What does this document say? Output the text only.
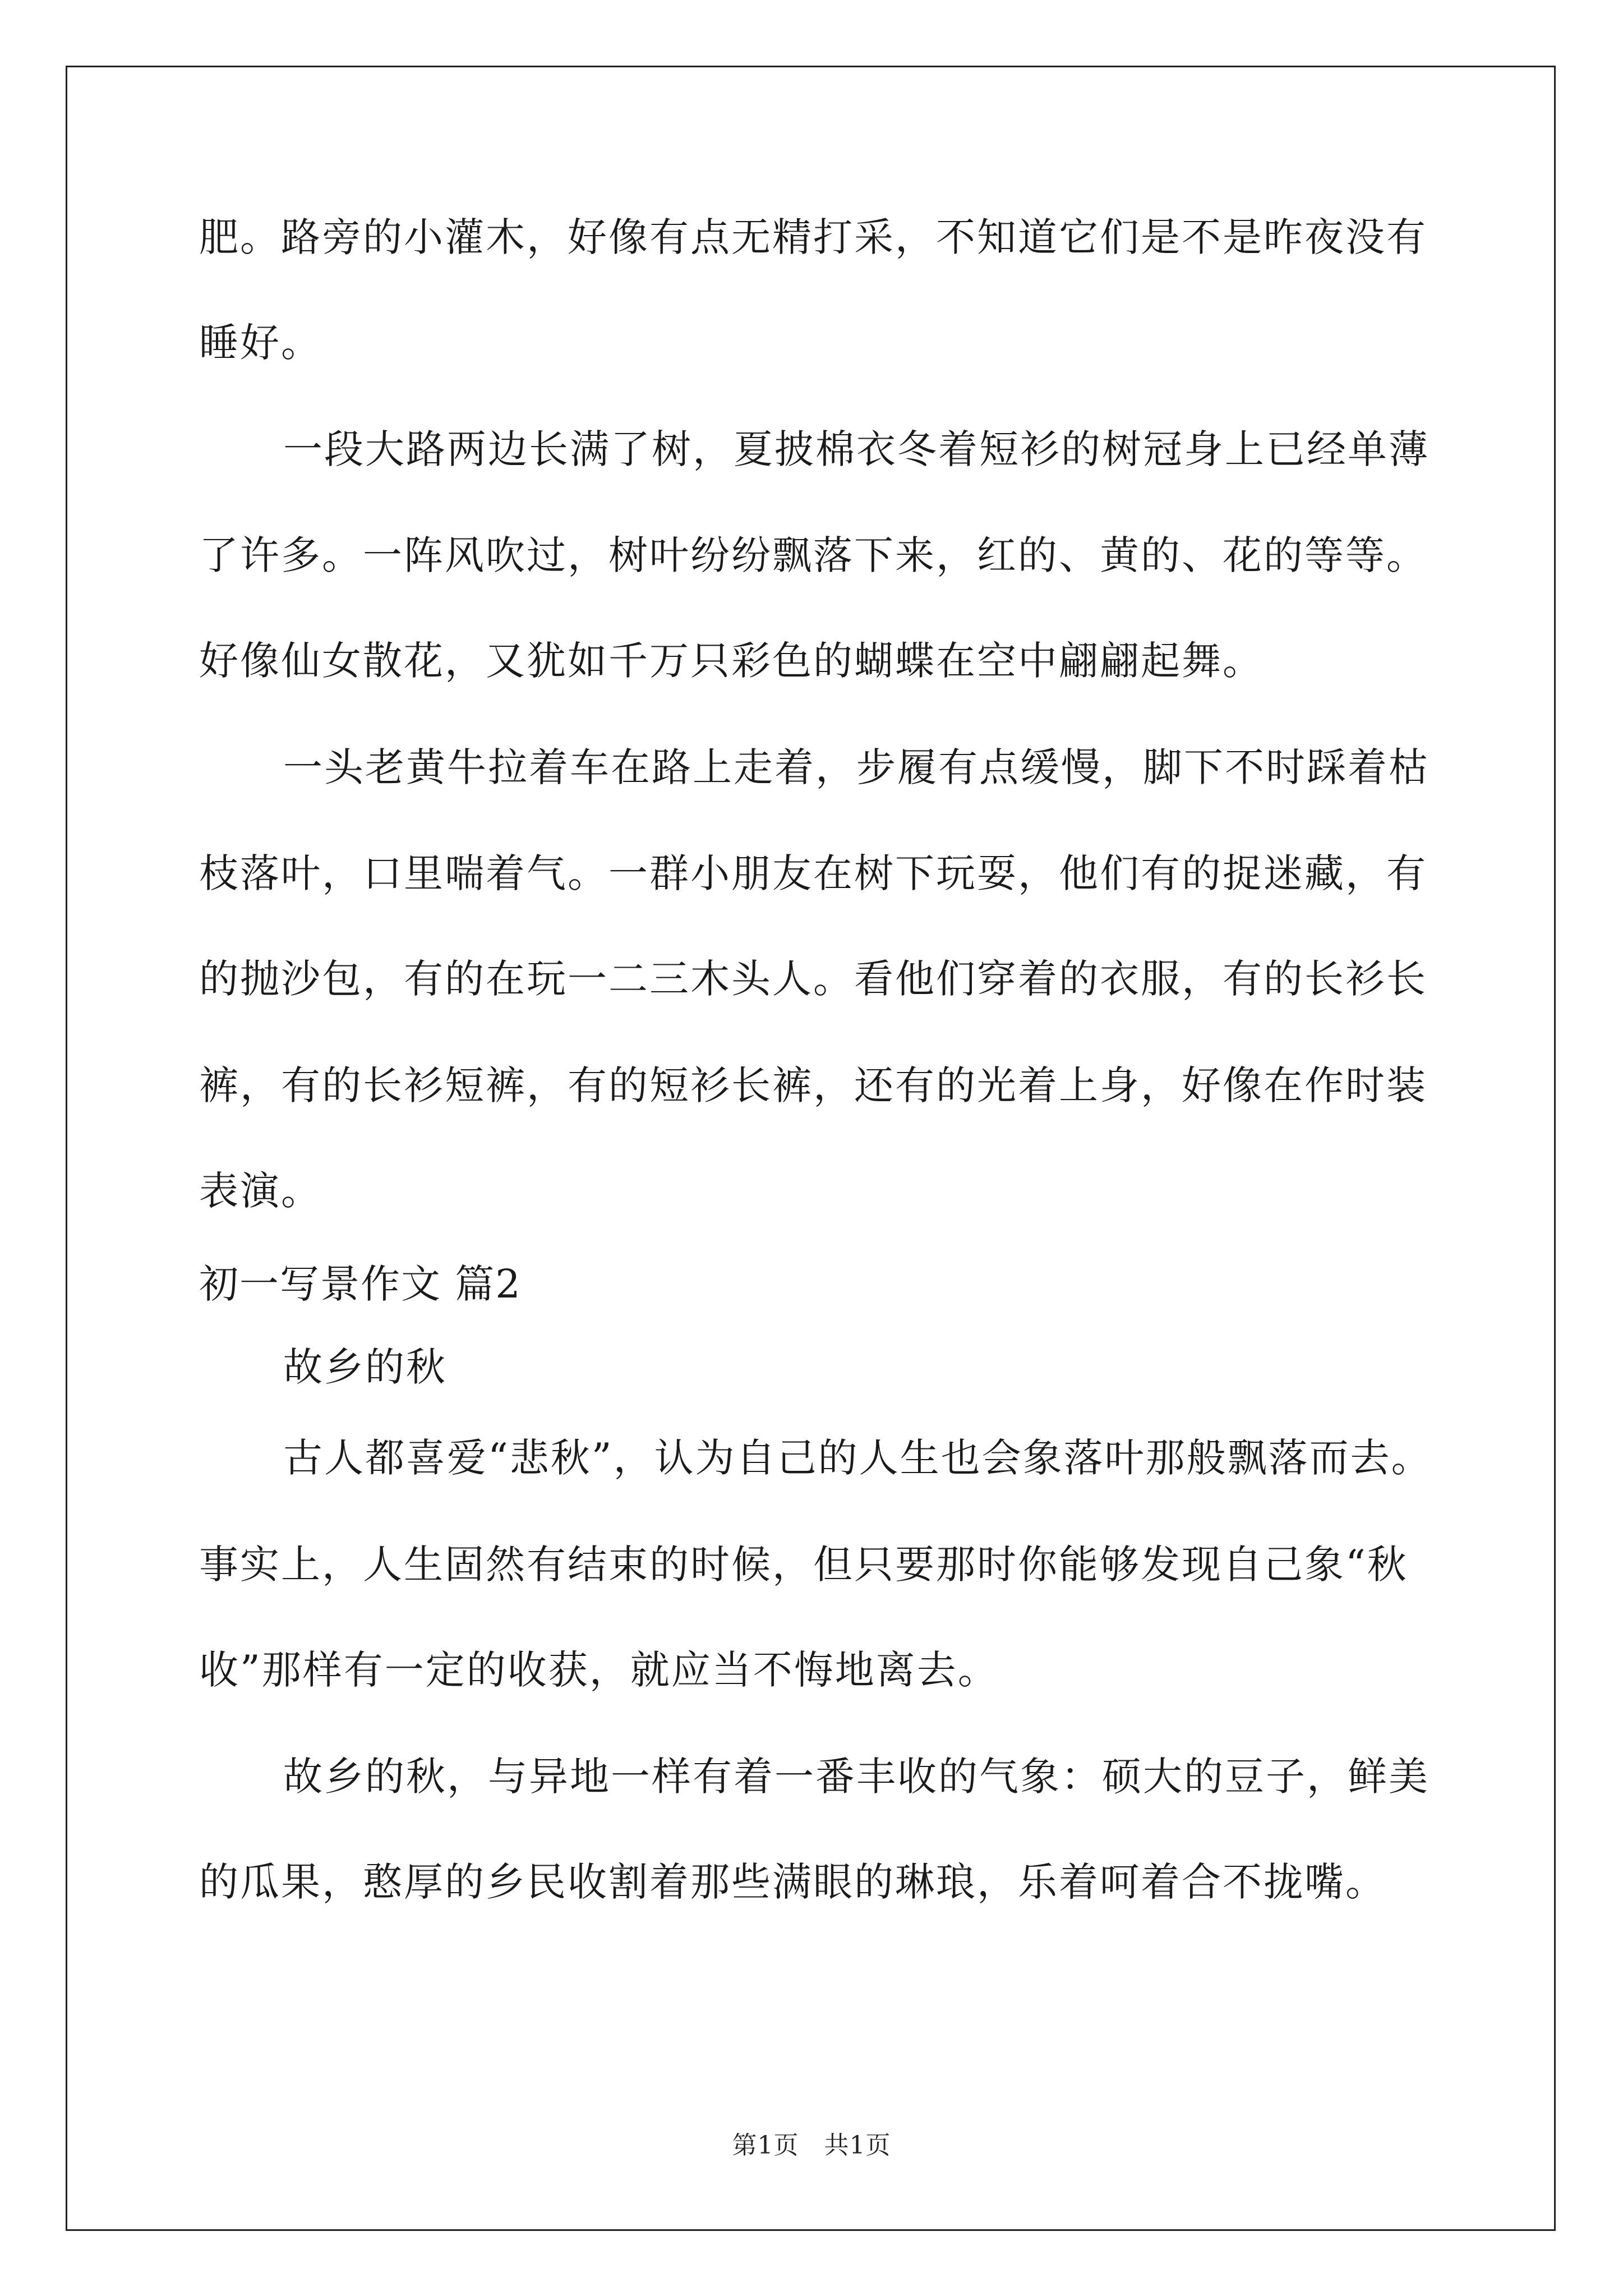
肥。路旁的小灌木，好像有点无精打采，不知道它们是不是昨夜没有
睡好。
一段大路两边长满了树，夏披棉衣冬着短衫的树冠身上已经单薄
了许多。一阵风吹过，树叶纷纷飘落下来，红的、黄的、花的等等。
好像仙女散花，又犹如千万只彩色的蝴蝶在空中翩翩起舞。
一头老黄牛拉着车在路上走着，步履有点缓慢，脚下不时踩着枯
枝落叶，口里喘着气。一群小朋友在树下玩耍，他们有的捉迷藏，有
的抛沙包，有的在玩一二三木头人。看他们穿着的衣服，有的长衫长
裤，有的长衫短裤，有的短衫长裤，还有的光着上身，好像在作时装
表演。
初一写景作文 篇2
故乡的秋
古人都喜爱“悲秋”，认为自己的人生也会象落叶那般飘落而去。
事实上，人生固然有结束的时候，但只要那时你能够发现自己象“秋
收”那样有一定的收获，就应当不悔地离去。
故乡的秋，与异地一样有着一番丰收的气象：硕大的豆子，鲜美
的瓜果，憨厚的乡民收割着那些满眼的琳琅，乐着呵着合不拢嘴。
第1页　共1页
